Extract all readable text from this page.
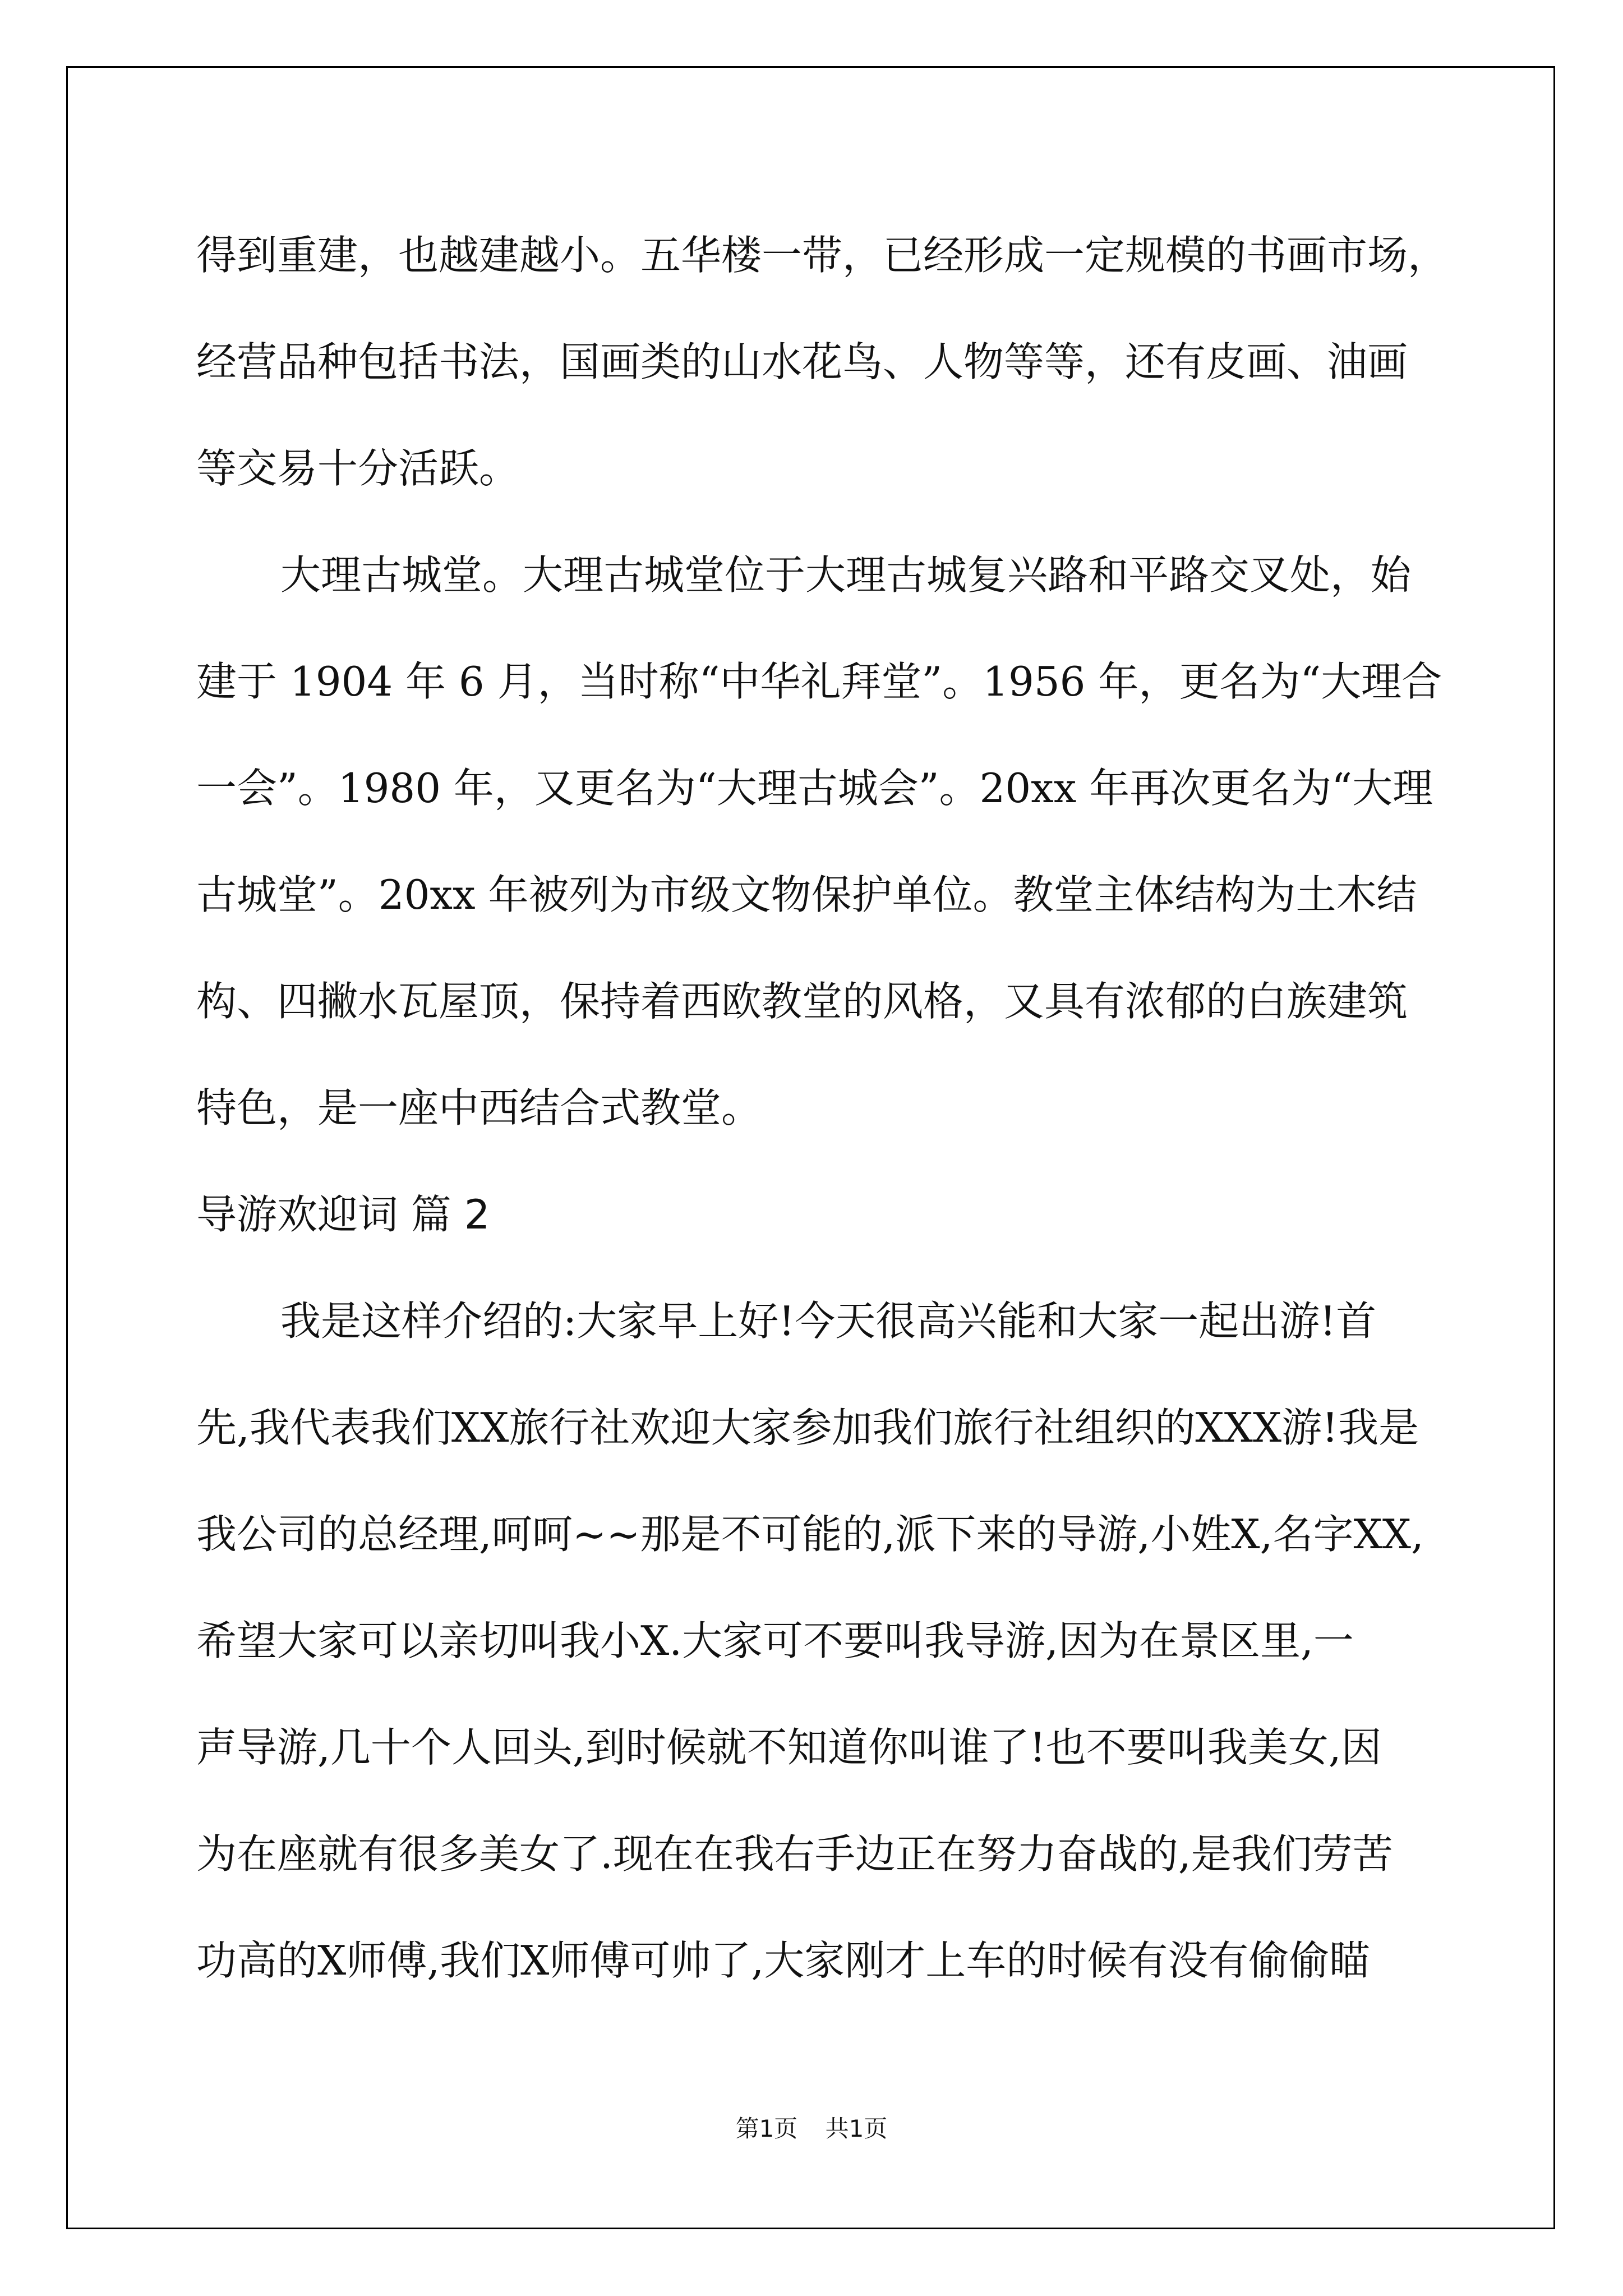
得到重建，也越建越小。五华楼一带，已经形成一定规模的书画市场，
经营品种包括书法，国画类的山水花鸟、人物等等，还有皮画、油画
等交易十分活跃。
大理古城堂。大理古城堂位于大理古城复兴路和平路交叉处，始
建于 1904 年 6 月，当时称“中华礼拜堂”。1956 年，更名为“大理合
一会”。1980 年，又更名为“大理古城会”。20xx 年再次更名为“大理
古城堂”。20xx 年被列为市级文物保护单位。教堂主体结构为土木结
构、四撇水瓦屋顶，保持着西欧教堂的风格，又具有浓郁的白族建筑
特色，是一座中西结合式教堂。
导游欢迎词 篇 2
我是这样介绍的:大家早上好!今天很高兴能和大家一起出游!首
先,我代表我们XX旅行社欢迎大家参加我们旅行社组织的XXX游!我是
我公司的总经理,呵呵~~那是不可能的,派下来的导游,小姓X,名字XX,
希望大家可以亲切叫我小X.大家可不要叫我导游,因为在景区里,一
声导游,几十个人回头,到时候就不知道你叫谁了!也不要叫我美女,因
为在座就有很多美女了.现在在我右手边正在努力奋战的,是我们劳苦
功高的X师傅,我们X师傅可帅了,大家刚才上车的时候有没有偷偷瞄
第1页 共1页
